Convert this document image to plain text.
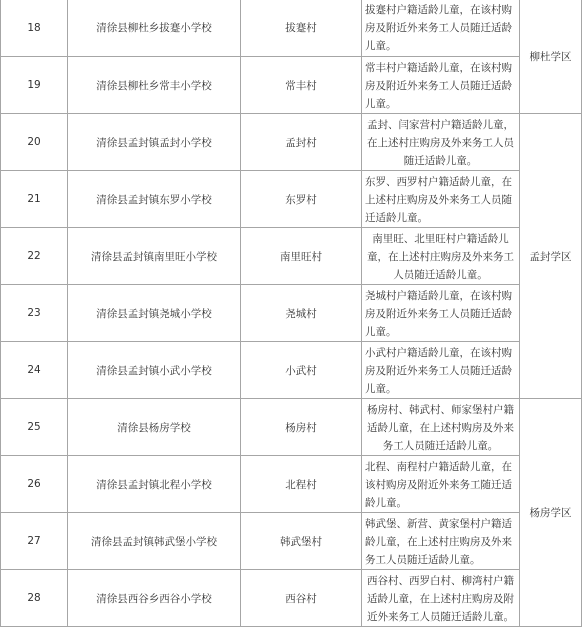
18	清徐县柳杜乡拔蹇小学校	拔蹇村	拔蹇村户籍适龄儿童，在该村购房及附近外来务工人员随迁适龄儿童。	柳杜学区
19	清徐县柳杜乡常丰小学校	常丰村	常丰村户籍适龄儿童，在该村购房及附近外来务工人员随迁适龄儿童。	
20	清徐县孟封镇孟封小学校	孟封村	孟封、闫家营村户籍适龄儿童，在上述村庄购房及外来务工人员随迁适龄儿童。	孟封学区
21	清徐县孟封镇东罗小学校	东罗村	东罗、西罗村户籍适龄儿童，在上述村庄购房及外来务工人员随迁适龄儿童。	
22	清徐县孟封镇南里旺小学校	南里旺村	南里旺、北里旺村户籍适龄儿童，在上述村庄购房及外来务工人员随迁适龄儿童。	
23	清徐县孟封镇尧城小学校	尧城村	尧城村户籍适龄儿童，在该村购房及附近外来务工人员随迁适龄儿童。	
24	清徐县孟封镇小武小学校	小武村	小武村户籍适龄儿童，在该村购房及附近外来务工人员随迁适龄儿童。	
25	清徐县杨房学校	杨房村	杨房村、韩武村、师家堡村户籍适龄儿童，在上述村购房及外来务工人员随迁适龄儿童。	杨房学区
26	清徐县孟封镇北程小学校	北程村	北程、南程村户籍适龄儿童，在该村购房及附近外来务工随迁适龄儿童。	
27	清徐县孟封镇韩武堡小学校	韩武堡村	韩武堡、新营、黄家堡村户籍适龄儿童，在上述村庄购房及外来务工人员随迁适龄儿童。	
28	清徐县西谷乡西谷小学校	西谷村	西谷村、西罗白村、柳湾村户籍适龄儿童，在上述村庄购房及附近外来务工人员随迁适龄儿童。	
